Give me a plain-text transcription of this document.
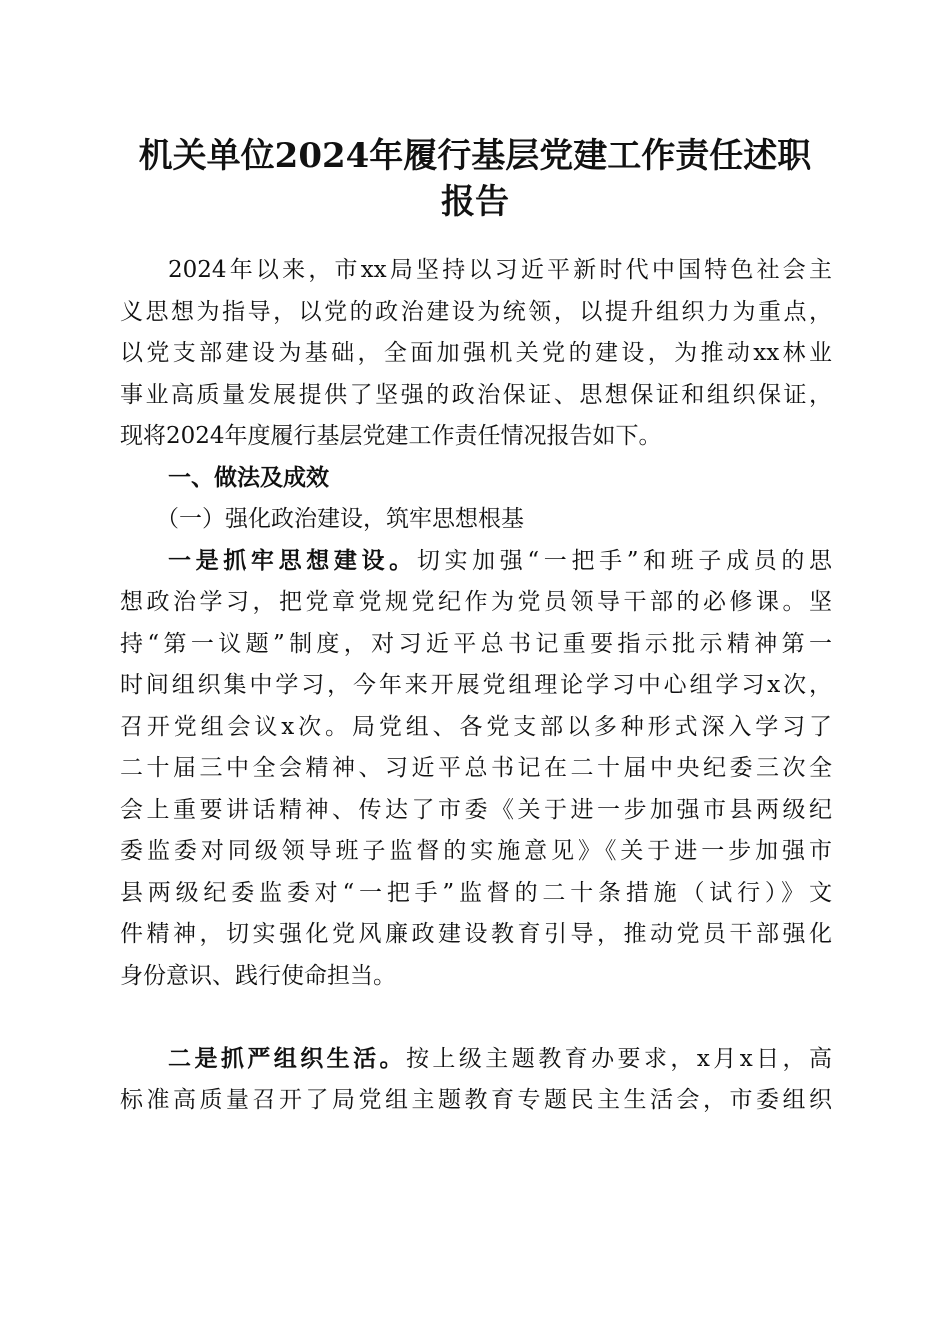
机关单位2024年履行基层党建工作责任述职
报告
2024年以来，市xx局坚持以习近平新时代中国特色社会主
义思想为指导，以党的政治建设为统领，以提升组织力为重点，
以党支部建设为基础，全面加强机关党的建设，为推动xx林业
事业高质量发展提供了坚强的政治保证、思想保证和组织保证，
现将2024年度履行基层党建工作责任情况报告如下。
一、做法及成效
（一）强化政治建设，筑牢思想根基
一是抓牢思想建设。切实加强“一把手”和班子成员的思
想政治学习，把党章党规党纪作为党员领导干部的必修课。坚
持“第一议题”制度，对习近平总书记重要指示批示精神第一
时间组织集中学习，今年来开展党组理论学习中心组学习x次，
召开党组会议x次。局党组、各党支部以多种形式深入学习了
二十届三中全会精神、习近平总书记在二十届中央纪委三次全
会上重要讲话精神、传达了市委《关于进一步加强市县两级纪
委监委对同级领导班子监督的实施意见》《关于进一步加强市
县两级纪委监委对“一把手”监督的二十条措施（试行）》文
件精神，切实强化党风廉政建设教育引导，推动党员干部强化
身份意识、践行使命担当。
二是抓严组织生活。按上级主题教育办要求，x月x日，高
标准高质量召开了局党组主题教育专题民主生活会，市委组织
